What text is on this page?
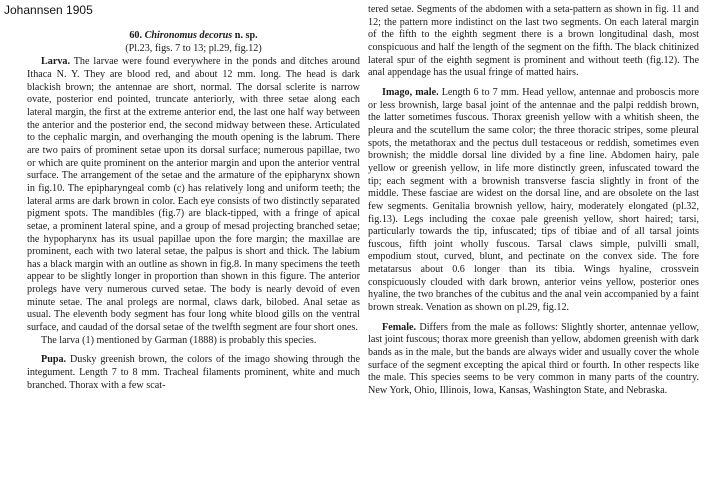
Johannsen 1905
60. Chironomus decorus n. sp.
(Pl.23, figs. 7 to 13; pl.29, fig.12)

Larva. The larvae were found everywhere in the ponds and ditches around Ithaca N. Y. They are blood red, and about 12 mm. long. The head is dark blackish brown; the antennae are short, normal. The dorsal sclerite is narrow ovate, posterior end pointed, truncate anteriorly, with three setae along each lateral margin, the first at the extreme anterior end, the last one half way between the anterior and the posterior end, the second midway between these. Articulated to the cephalic margin, and overhanging the mouth opening is the labrum. There are two pairs of prominent setae upon its dorsal surface; numerous papillae, two or which are quite prominent on the anterior margin and upon the anterior ventral surface. The arrangement of the setae and the armature of the epipharynx shown in fig.10. The epipharyngeal comb (c) has relatively long and uniform teeth; the lateral arms are dark brown in color. Each eye consists of two distinctly separated pigment spots. The mandibles (fig.7) are black-tipped, with a fringe of apical setae, a prominent lateral spine, and a group of mesad projecting branched setae; the hypopharynx has its usual papillae upon the fore margin; the maxillae are prominent, each with two lateral setae, the palpus is short and thick. The labium has a black margin with an outline as shown in fig.8. In many specimens the teeth appear to be slightly longer in proportion than shown in this figure. The anterior prolegs have very numerous curved setae. The body is nearly devoid of even minute setae. The anal prolegs are normal, claws dark, bilobed. Anal setae as usual. The eleventh body segment has four long white blood gills on the ventral surface, and caudad of the dorsal setae of the twelfth segment are four short ones.

The larva (1) mentioned by Garman (1888) is probably this species.

Pupa. Dusky greenish brown, the colors of the imago showing through the integument. Length 7 to 8 mm. Tracheal filaments prominent, white and much branched. Thorax with a few scat-

tered setae. Segments of the abdomen with a seta-pattern as shown in fig. 11 and 12; the pattern more indistinct on the last two segments. On each lateral margin of the fifth to the eighth segment there is a brown longitudinal dash, most conspicuous and half the length of the segment on the fifth. The black chitinized lateral spur of the eighth segment is prominent and without teeth (fig.12). The anal appendage has the usual fringe of matted hairs.

Imago, male. Length 6 to 7 mm. Head yellow, antennae and proboscis more or less brownish, large basal joint of the antennae and the palpi reddish brown, the latter sometimes fuscous. Thorax greenish yellow with a whitish sheen, the pleura and the scutellum the same color; the three thoracic stripes, some pleural spots, the metathorax and the pectus dull testaceous or reddish, sometimes even brownish; the middle dorsal line divided by a fine line. Abdomen hairy, pale yellow or greenish yellow, in life more distinctly green, infuscated toward the tip; each segment with a brownish transverse fascia slightly in front of the middle. These fasciae are widest on the dorsal line, and are obsolete on the last few segments. Genitalia brownish yellow, hairy, moderately elongated (pl.32, fig.13). Legs including the coxae pale greenish yellow, short haired; tarsi, particularly towards the tip, infuscated; tips of tibiae and of all tarsal joints fuscous, fifth joint wholly fuscous. Tarsal claws simple, pulvilli small, empodium stout, curved, blunt, and pectinate on the convex side. The fore metatarsus about 0.6 longer than its tibia. Wings hyaline, crossvein conspicuously clouded with dark brown, anterior veins yellow, posterior ones hyaline, the two branches of the cubitus and the anal vein accompanied by a faint brown streak. Venation as shown on pl.29, fig.12.

Female. Differs from the male as follows: Slightly shorter, antennae yellow, last joint fuscous; thorax more greenish than yellow, abdomen greenish with dark bands as in the male, but the bands are always wider and usually cover the whole surface of the segment excepting the apical third or fourth. In other respects like the male. This species seems to be very common in many parts of the country. New York, Ohio, Illinois, Iowa, Kansas, Washington State, and Nebraska.
